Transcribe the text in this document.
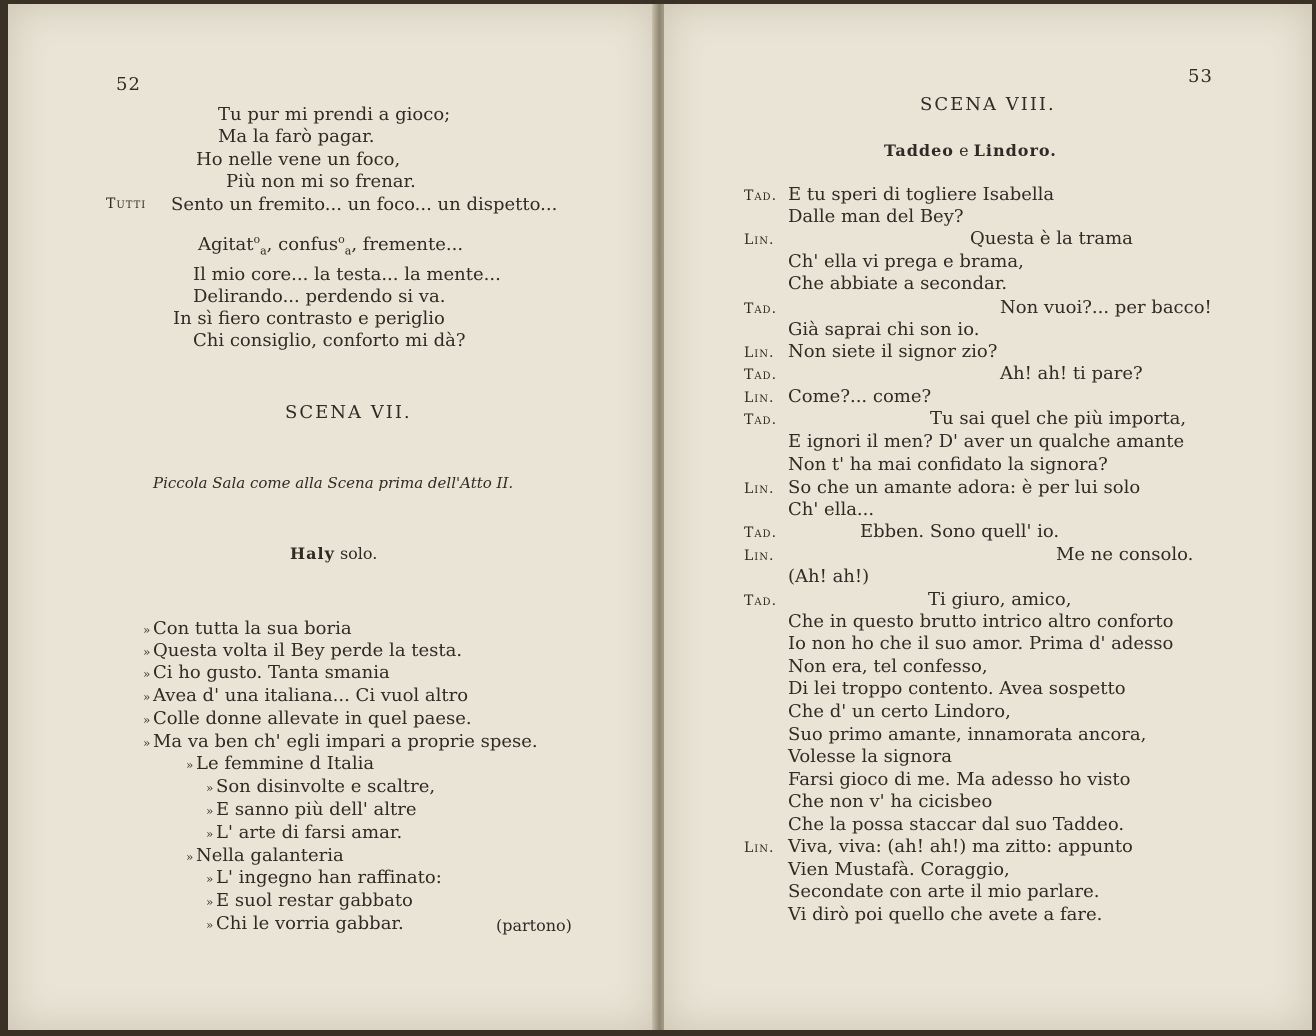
52
Tu pur mi prendi a gioco;
Ma la farò pagar.
Ho nelle vene un foco,
Più non mi so frenar.
Tutti Sento un fremito... un foco... un dispetto...
Agitat$^o_a$, confus$^o_a$, fremente...
Il mio core... la testa... la mente...
Delirando... perdendo si va.
In sì fiero contrasto e periglio
Chi consiglio, conforto mi dà?
SCENA VII.
Piccola Sala come alla Scena prima dell'Atto II.
Haly solo.
» Con tutta la sua boria
» Questa volta il Bey perde la testa.
» Ci ho gusto. Tanta smania
» Avea d' una italiana... Ci vuol altro
» Colle donne allevate in quel paese.
» Ma va ben ch' egli impari a proprie spese.
» Le femmine d Italia
» Son disinvolte e scaltre,
» E sanno più dell' altre
» L' arte di farsi amar.
» Nella galanteria
» L' ingegno han raffinato:
» E suol restar gabbato
» Chi le vorria gabbar.	(partono)
53
SCENA VIII.
Taddeo e Lindoro.
Tad.
Lin.
Tad.
Lin.
Tad.
Lin.
Tad.
Lin.
Tad.
Lin.
Tad.
Lin.
E tu speri di togliere Isabella
Dalle man del Bey?
Questa è la trama
Ch' ella vi prega e brama,
Che abbiate a secondar.
Non vuoi?... per bacco!
Già saprai chi son io.
Non siete il signor zio?
Ah! ah! ti pare?
Come?... come?
Tu sai quel che più importa,
E ignori il men? D' aver un qualche amante
Non t' ha mai confidato la signora?
So che un amante adora: è per lui solo
Ch' ella...
Ebben. Sono quell' io.
Me ne consolo.
(Ah! ah!)
Ti giuro, amico,
Che in questo brutto intrico altro conforto
Io non ho che il suo amor. Prima d' adesso
Non era, tel confesso,
Di lei troppo contento. Avea sospetto
Che d' un certo Lindoro,
Suo primo amante, innamorata ancora,
Volesse la signora
Farsi gioco di me. Ma adesso ho visto
Che non v' ha cicisbeo
Che la possa staccar dal suo Taddeo.
Viva, viva: (ah! ah!) ma zitto: appunto
Vien Mustafà. Coraggio,
Secondate con arte il mio parlare.
Vi dirò poi quello che avete a fare.
